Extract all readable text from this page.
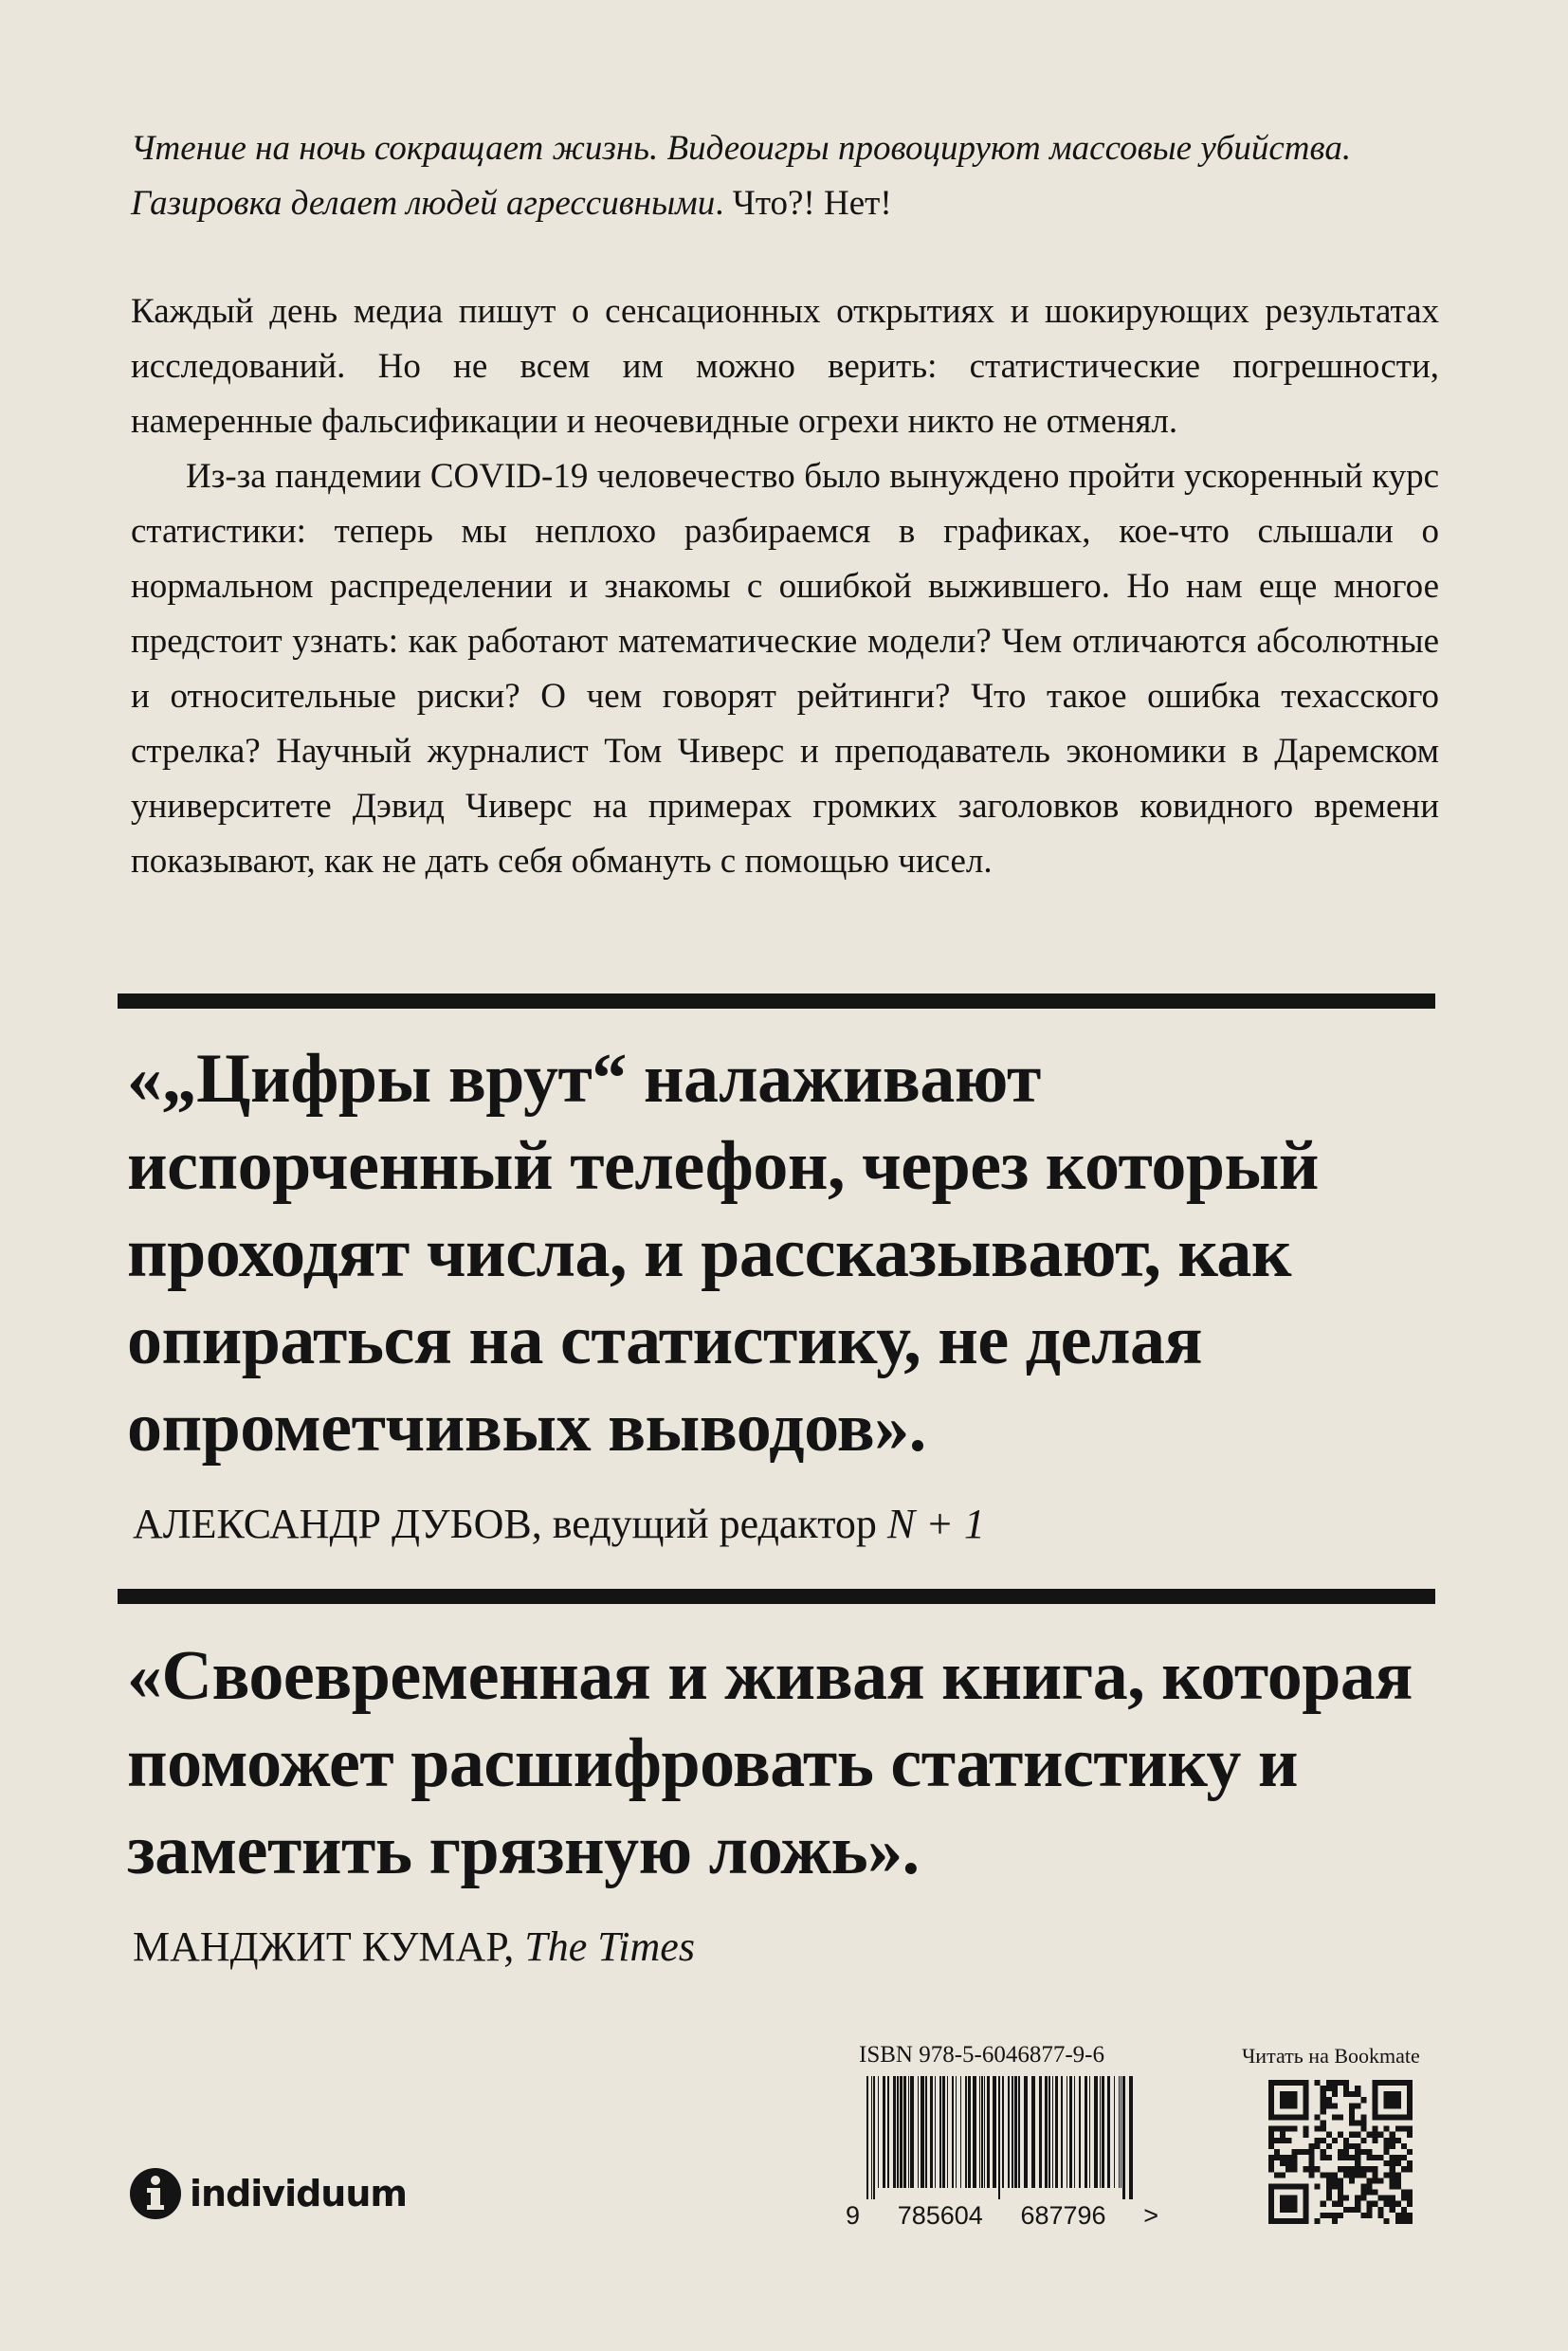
Чтение на ночь сокращает жизнь. Видеоигры провоцируют массовые убийства. Газировка делает людей агрессивными. Что?! Нет!

Каждый день медиа пишут о сенсационных открытиях и шокирующих результатах исследований. Но не всем им можно верить: статистические погрешности, намеренные фальсификации и неочевидные огрехи никто не отменял.

Из-за пандемии COVID-19 человечество было вынуждено пройти ускоренный курс статистики: теперь мы неплохо разбираемся в графиках, кое-что слышали о нормальном распределении и знакомы с ошибкой выжившего. Но нам еще многое предстоит узнать: как работают математические модели? Чем отличаются абсолютные и относительные риски? О чем говорят рейтинги? Что такое ошибка техасского стрелка? Научный журналист Том Чиверс и преподаватель экономики в Даремском университете Дэвид Чиверс на примерах громких заголовков ковидного времени показывают, как не дать себя обмануть с помощью чисел.

«„Цифры врут“ налаживают испорченный телефон, через который проходят числа, и рассказывают, как опираться на статистику, не делая опрометчивых выводов».

АЛЕКСАНДР ДУБОВ, ведущий редактор N + 1

«Своевременная и живая книга, которая поможет расшифровать статистику и заметить грязную ложь».

МАНДЖИТ КУМАР, The Times
ISBN 978-5-6046877-9-6
9 785604 687796 >
Читать на Bookmate
individuum
